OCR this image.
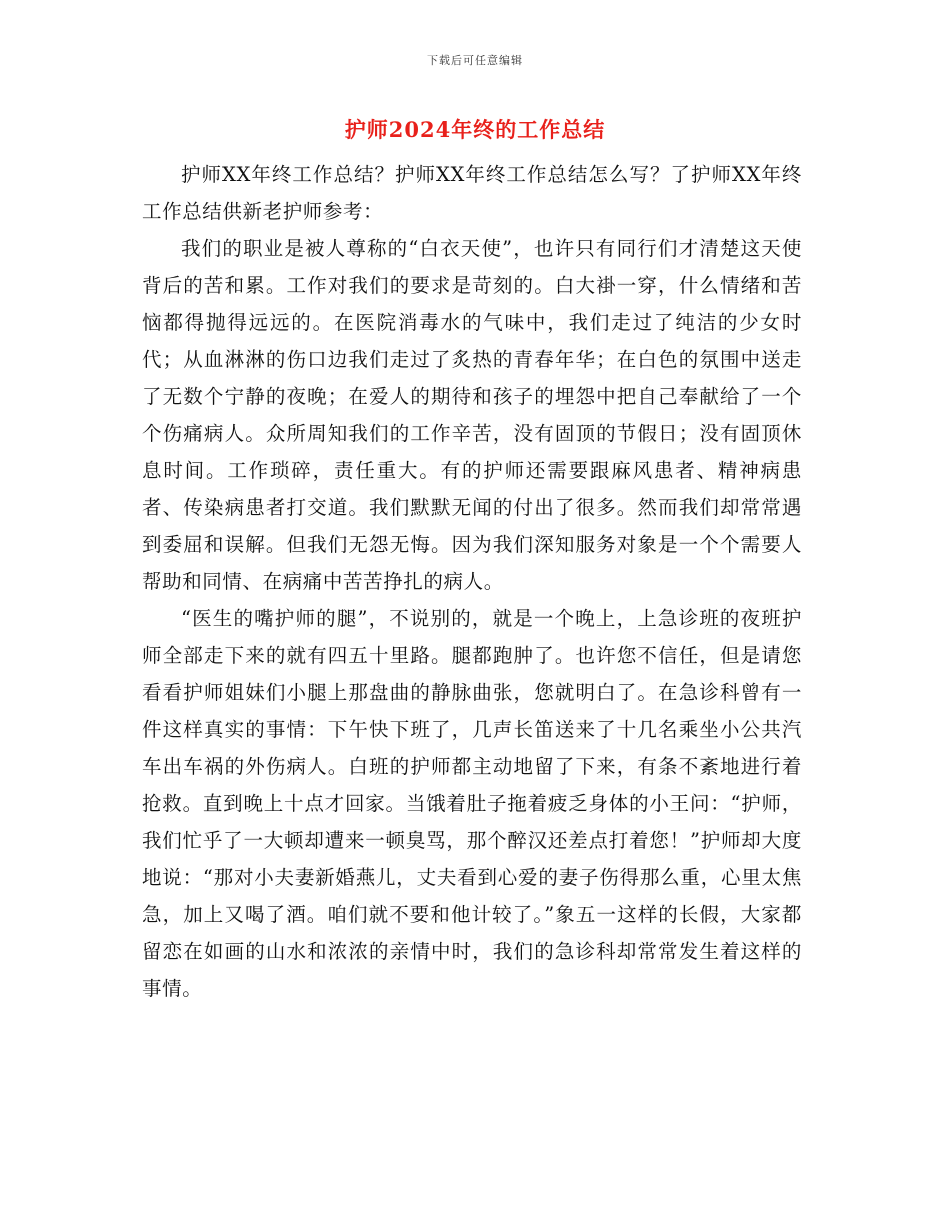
下载后可任意编辑
护师2024年终的工作总结

护师XX年终工作总结？护师XX年终工作总结怎么写？了护师XX年终工作总结供新老护师参考：

我们的职业是被人尊称的“白衣天使”，也许只有同行们才清楚这天使背后的苦和累。工作对我们的要求是苛刻的。白大褂一穿，什么情绪和苦恼都得抛得远远的。在医院消毒水的气味中，我们走过了纯洁的少女时代；从血淋淋的伤口边我们走过了炙热的青春年华；在白色的氛围中送走了无数个宁静的夜晚；在爱人的期待和孩子的埋怨中把自己奉献给了一个个伤痛病人。众所周知我们的工作辛苦，没有固顶的节假日；没有固顶休息时间。工作琐碎，责任重大。有的护师还需要跟麻风患者、精神病患者、传染病患者打交道。我们默默无闻的付出了很多。然而我们却常常遇到委屈和误解。但我们无怨无悔。因为我们深知服务对象是一个个需要人帮助和同情、在病痛中苦苦挣扎的病人。

“医生的嘴护师的腿”，不说别的，就是一个晚上，上急诊班的夜班护师全部走下来的就有四五十里路。腿都跑肿了。也许您不信任，但是请您看看护师姐妹们小腿上那盘曲的静脉曲张，您就明白了。在急诊科曾有一件这样真实的事情：下午快下班了，几声长笛送来了十几名乘坐小公共汽车出车祸的外伤病人。白班的护师都主动地留了下来，有条不紊地进行着抢救。直到晚上十点才回家。当饿着肚子拖着疲乏身体的小王问：“护师，我们忙乎了一大顿却遭来一顿臭骂，那个醉汉还差点打着您！”护师却大度地说：“那对小夫妻新婚燕儿，丈夫看到心爱的妻子伤得那么重，心里太焦急，加上又喝了酒。咱们就不要和他计较了。”象五一这样的长假，大家都留恋在如画的山水和浓浓的亲情中时，我们的急诊科却常常发生着这样的事情。
